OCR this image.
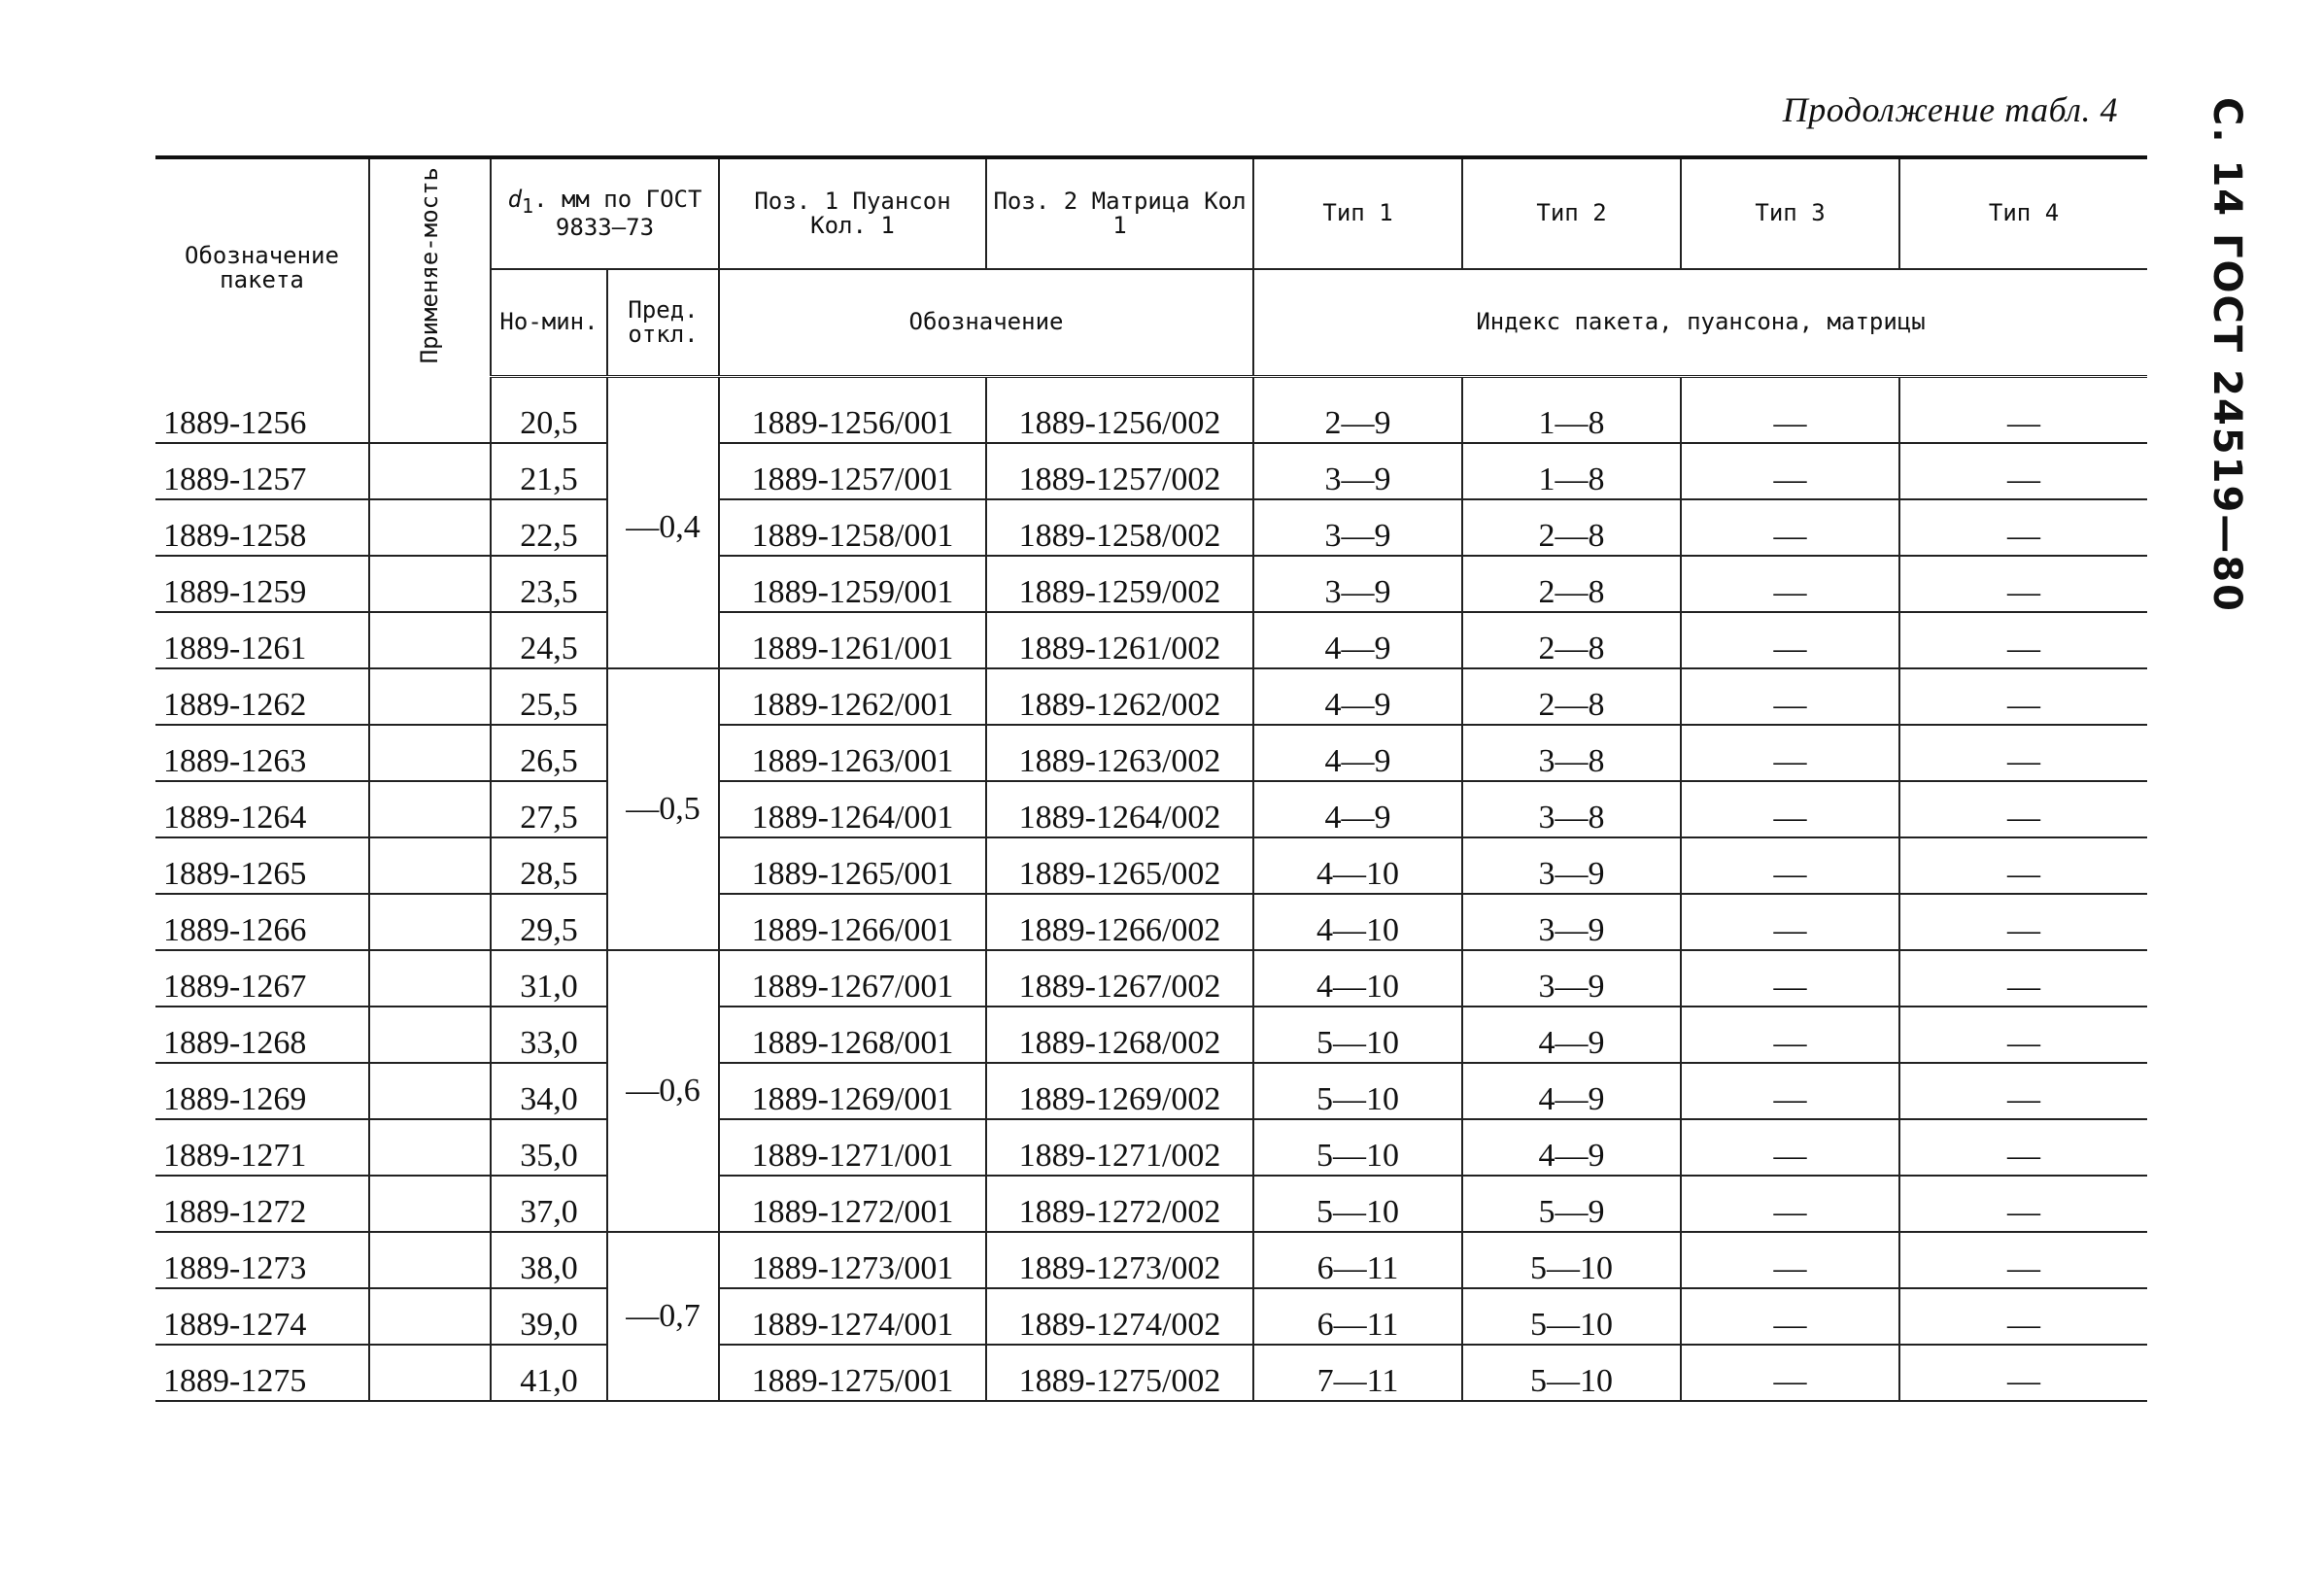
Продолжение табл. 4 С. 14 ГОСТ 24519—80
Обозначение пакета	Применяе-мость	$d_1$. мм по ГОСТ 9833—73		Поз. 1 Пуансон Кол. 1	Поз. 2 Матрица Кол 1	Тип 1	Тип 2	Тип 3	Тип 4
		Но-мин.	Пред. откл.	Обозначение		Индекс пакета, пуансона, матрицы			
1889-1256		20,5	—0,4	1889-1256/001	1889-1256/002	2—9	1—8	—	—
1889-1257		21,5		1889-1257/001	1889-1257/002	3—9	1—8	—	—
1889-1258		22,5		1889-1258/001	1889-1258/002	3—9	2—8	—	—
1889-1259		23,5		1889-1259/001	1889-1259/002	3—9	2—8	—	—
1889-1261		24,5		1889-1261/001	1889-1261/002	4—9	2—8	—	—
1889-1262		25,5	—0,5	1889-1262/001	1889-1262/002	4—9	2—8	—	—
1889-1263		26,5		1889-1263/001	1889-1263/002	4—9	3—8	—	—
1889-1264		27,5		1889-1264/001	1889-1264/002	4—9	3—8	—	—
1889-1265		28,5		1889-1265/001	1889-1265/002	4—10	3—9	—	—
1889-1266		29,5		1889-1266/001	1889-1266/002	4—10	3—9	—	—
1889-1267		31,0	—0,6	1889-1267/001	1889-1267/002	4—10	3—9	—	—
1889-1268		33,0		1889-1268/001	1889-1268/002	5—10	4—9	—	—
1889-1269		34,0		1889-1269/001	1889-1269/002	5—10	4—9	—	—
1889-1271		35,0		1889-1271/001	1889-1271/002	5—10	4—9	—	—
1889-1272		37,0		1889-1272/001	1889-1272/002	5—10	5—9	—	—
1889-1273		38,0	—0,7	1889-1273/001	1889-1273/002	6—11	5—10	—	—
1889-1274		39,0		1889-1274/001	1889-1274/002	6—11	5—10	—	—
1889-1275		41,0		1889-1275/001	1889-1275/002	7—11	5—10	—	—
